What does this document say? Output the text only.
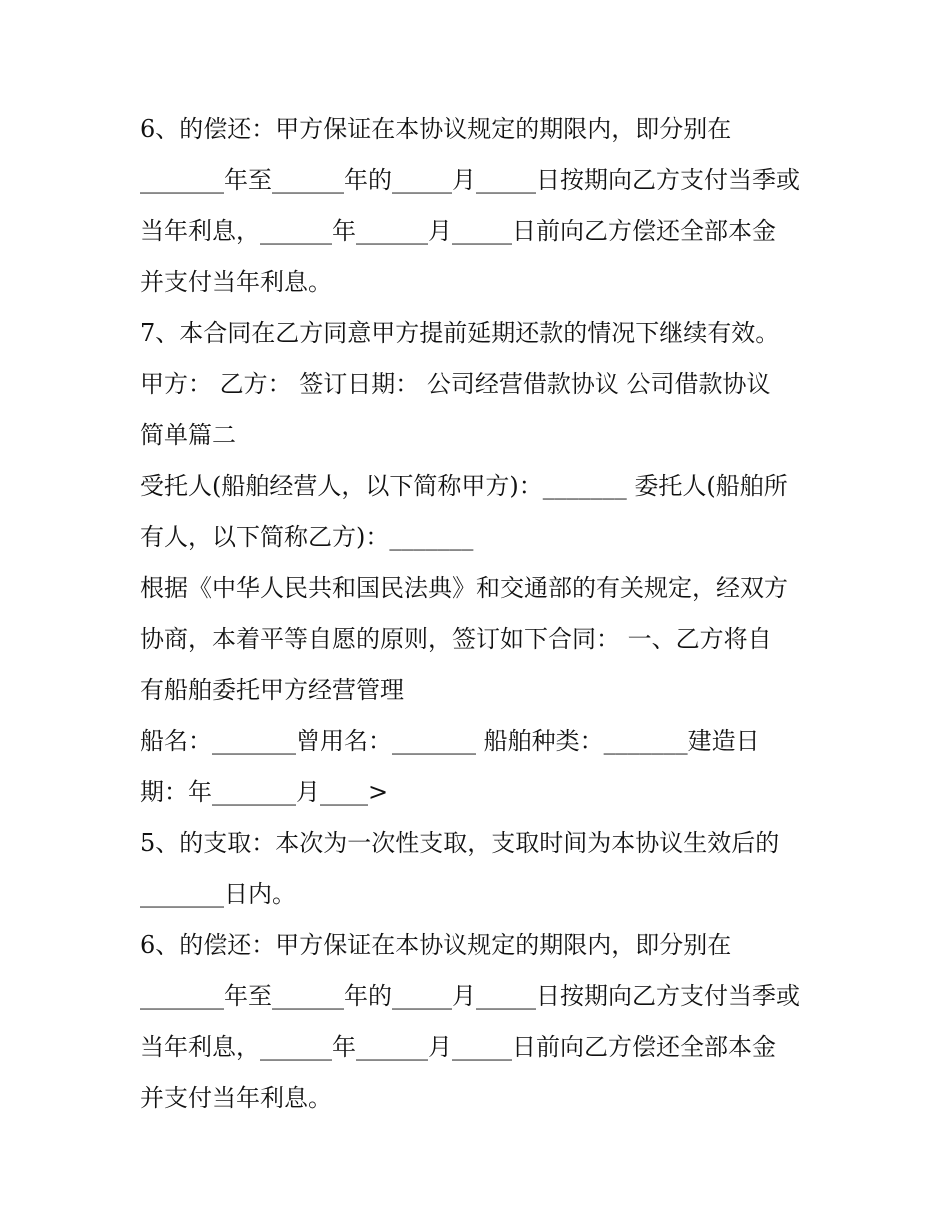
6、的偿还：甲方保证在本协议规定的期限内，即分别在
_______年至______年的_____月_____日按期向乙方支付当季或
当年利息，______年______月_____日前向乙方偿还全部本金
并支付当年利息。
7、本合同在乙方同意甲方提前延期还款的情况下继续有效。
甲方： 乙方： 签订日期： 公司经营借款协议 公司借款协议
简单篇二
受托人(船舶经营人，以下简称甲方)：_______ 委托人(船舶所
有人，以下简称乙方)：_______
根据《中华人民共和国民法典》和交通部的有关规定，经双方
协商，本着平等自愿的原则，签订如下合同： 一、乙方将自
有船舶委托甲方经营管理
船名：_______曾用名：_______ 船舶种类：_______建造日
期：年_______月____>
5、的支取：本次为一次性支取，支取时间为本协议生效后的
_______日内。
6、的偿还：甲方保证在本协议规定的期限内，即分别在
_______年至______年的_____月_____日按期向乙方支付当季或
当年利息，______年______月_____日前向乙方偿还全部本金
并支付当年利息。
